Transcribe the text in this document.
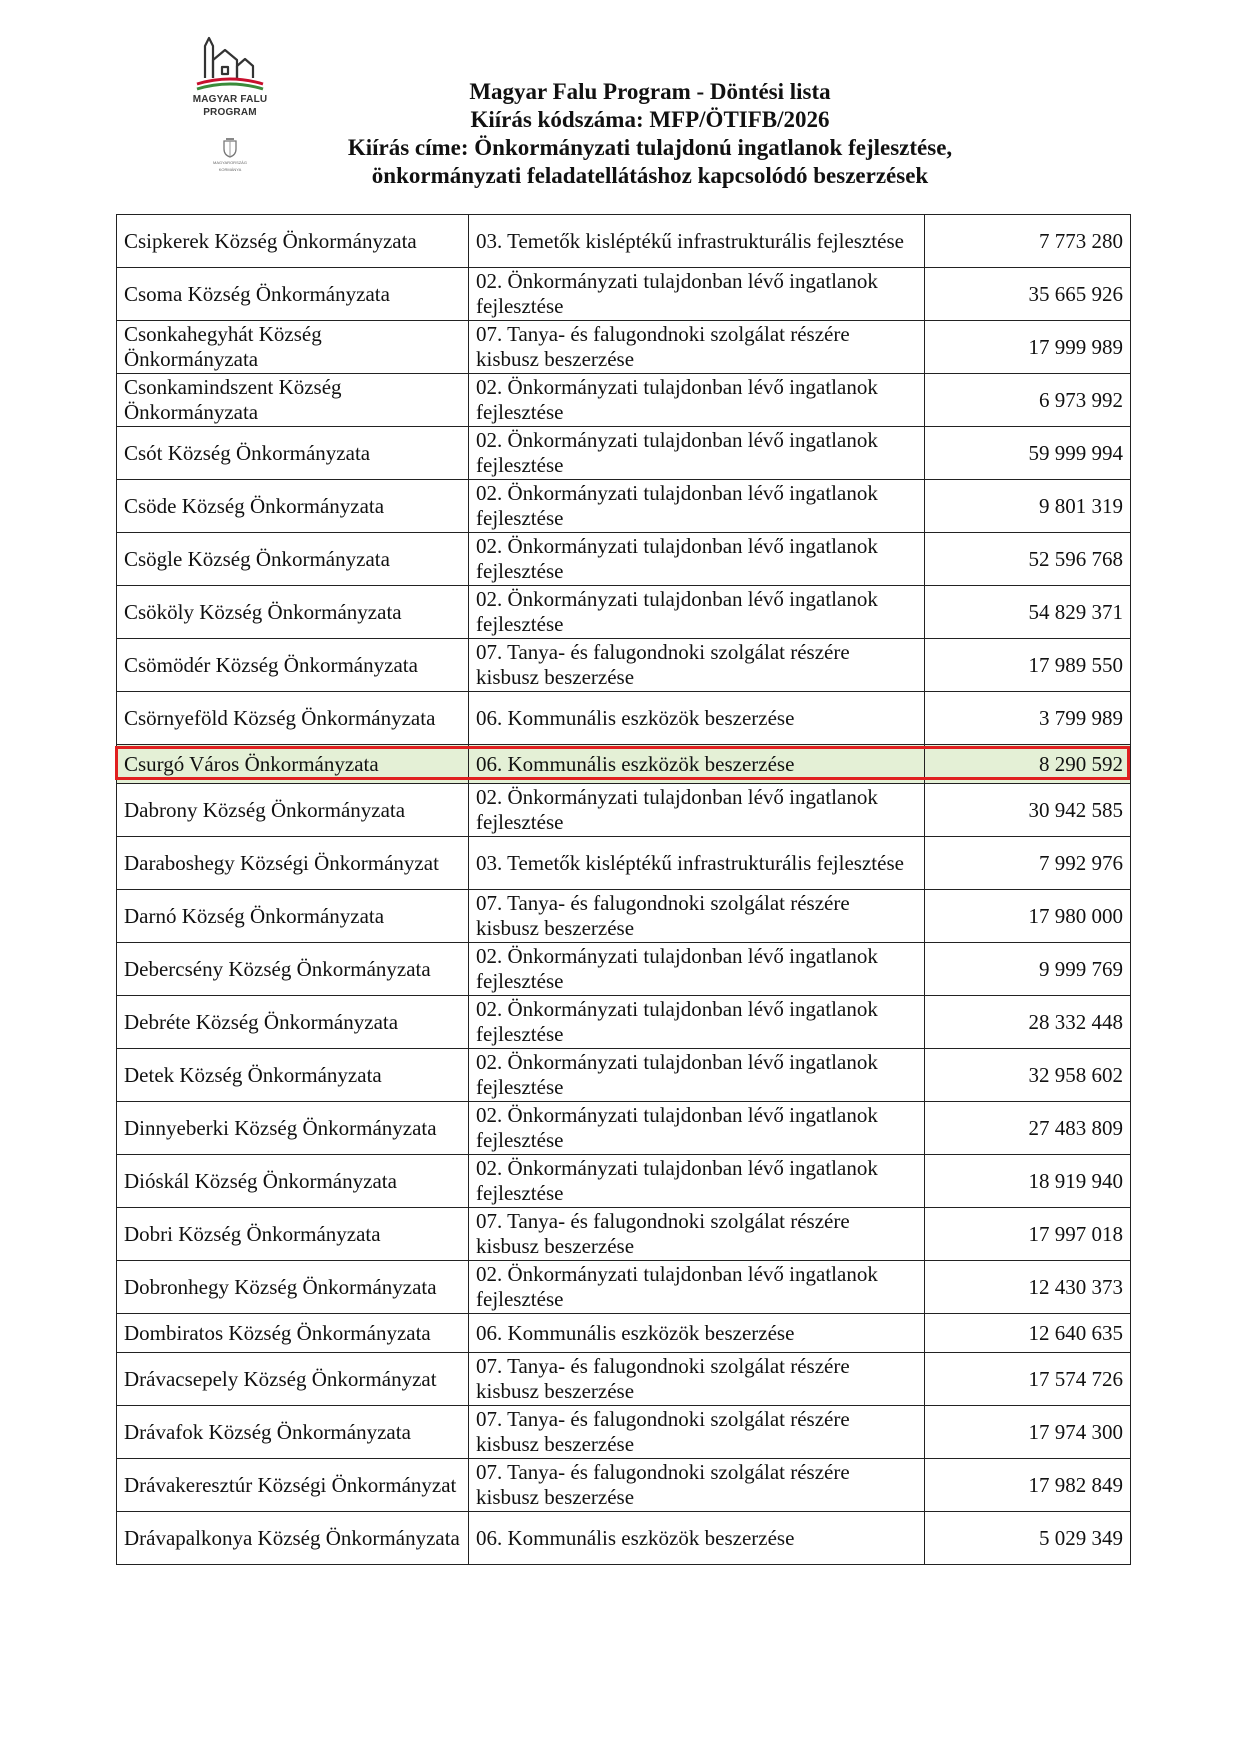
MAGYAR FALU
PROGRAM
MAGYARORSZÁG
KORMÁNYA
Magyar Falu Program - Döntési lista
Kiírás kódszáma: MFP/ÖTIFB/2026
Kiírás címe: Önkormányzati tulajdonú ingatlanok fejlesztése,
önkormányzati feladatellátáshoz kapcsolódó beszerzések
Csipkerek Község Önkormányzata	03. Temetők kisléptékű infrastrukturális fejlesztése	7 773 280
Csoma Község Önkormányzata	02. Önkormányzati tulajdonban lévő ingatlanok fejlesztése	35 665 926
Csonkahegyhát Község Önkormányzata	07. Tanya- és falugondnoki szolgálat részére kisbusz beszerzése	17 999 989
Csonkamindszent Község Önkormányzata	02. Önkormányzati tulajdonban lévő ingatlanok fejlesztése	6 973 992
Csót Község Önkormányzata	02. Önkormányzati tulajdonban lévő ingatlanok fejlesztése	59 999 994
Csöde Község Önkormányzata	02. Önkormányzati tulajdonban lévő ingatlanok fejlesztése	9 801 319
Csögle Község Önkormányzata	02. Önkormányzati tulajdonban lévő ingatlanok fejlesztése	52 596 768
Csököly Község Önkormányzata	02. Önkormányzati tulajdonban lévő ingatlanok fejlesztése	54 829 371
Csömödér Község Önkormányzata	07. Tanya- és falugondnoki szolgálat részére kisbusz beszerzése	17 989 550
Csörnyeföld Község Önkormányzata	06. Kommunális eszközök beszerzése	3 799 989
Csurgó Város Önkormányzata	06. Kommunális eszközök beszerzése	8 290 592
Dabrony Község Önkormányzata	02. Önkormányzati tulajdonban lévő ingatlanok fejlesztése	30 942 585
Daraboshegy Községi Önkormányzat	03. Temetők kisléptékű infrastrukturális fejlesztése	7 992 976
Darnó Község Önkormányzata	07. Tanya- és falugondnoki szolgálat részére kisbusz beszerzése	17 980 000
Debercsény Község Önkormányzata	02. Önkormányzati tulajdonban lévő ingatlanok fejlesztése	9 999 769
Debréte Község Önkormányzata	02. Önkormányzati tulajdonban lévő ingatlanok fejlesztése	28 332 448
Detek Község Önkormányzata	02. Önkormányzati tulajdonban lévő ingatlanok fejlesztése	32 958 602
Dinnyeberki Község Önkormányzata	02. Önkormányzati tulajdonban lévő ingatlanok fejlesztése	27 483 809
Dióskál Község Önkormányzata	02. Önkormányzati tulajdonban lévő ingatlanok fejlesztése	18 919 940
Dobri Község Önkormányzata	07. Tanya- és falugondnoki szolgálat részére kisbusz beszerzése	17 997 018
Dobronhegy Község Önkormányzata	02. Önkormányzati tulajdonban lévő ingatlanok fejlesztése	12 430 373
Dombiratos Község Önkormányzata	06. Kommunális eszközök beszerzése	12 640 635
Drávacsepely Község Önkormányzat	07. Tanya- és falugondnoki szolgálat részére kisbusz beszerzése	17 574 726
Drávafok Község Önkormányzata	07. Tanya- és falugondnoki szolgálat részére kisbusz beszerzése	17 974 300
Drávakeresztúr Községi Önkormányzat	07. Tanya- és falugondnoki szolgálat részére kisbusz beszerzése	17 982 849
Drávapalkonya Község Önkormányzata	06. Kommunális eszközök beszerzése	5 029 349
